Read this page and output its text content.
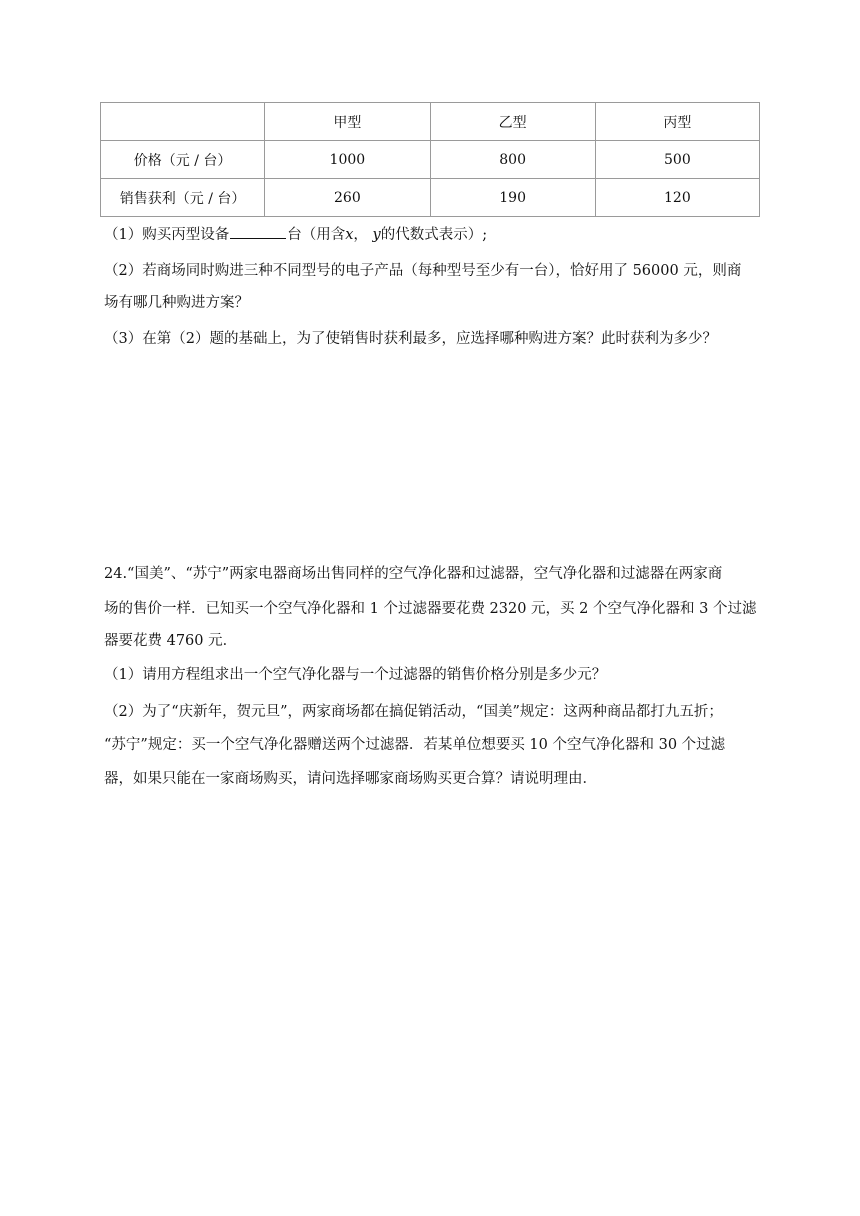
	甲型	乙型	丙型
价格（元 / 台）	1000	800	500
销售获利（元 / 台）	260	190	120
（1）购买丙型设备	台（用含x， y的代数式表示）;
（2）若商场同时购进三种不同型号的电子产品（每种型号至少有一台），恰好用了 56000 元，则商
场有哪几种购进方案？
（3）在第（2）题的基础上，为了使销售时获利最多，应选择哪种购进方案？此时获利为多少？
24.“国美”、“苏宁”两家电器商场出售同样的空气净化器和过滤器，空气净化器和过滤器在两家商
场的售价一样．已知买一个空气净化器和 1 个过滤器要花费 2320 元，买 2 个空气净化器和 3 个过滤
器要花费 4760 元．
（1）请用方程组求出一个空气净化器与一个过滤器的销售价格分别是多少元？
（2）为了“庆新年，贺元旦”，两家商场都在搞促销活动，“国美”规定：这两种商品都打九五折；
“苏宁”规定：买一个空气净化器赠送两个过滤器．若某单位想要买 10 个空气净化器和 30 个过滤
器，如果只能在一家商场购买，请问选择哪家商场购买更合算？请说明理由．
